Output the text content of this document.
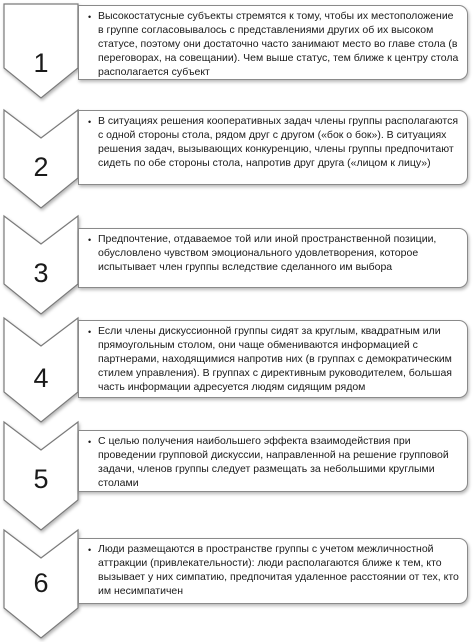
1
2
3
4
5
6
• Высокостатусные субъекты стремятся к тому, чтобы их местоположение в группе согласовывалось с представлениями других об их высоком статусе, поэтому они достаточно часто занимают место во главе стола (в переговорах, на совещании). Чем выше статус, тем ближе к центру стола располагается субъект
• В ситуациях решения кооперативных задач члены группы располагаются с одной стороны стола, рядом друг с другом («бок о бок»). В ситуациях решения задач, вызывающих конкуренцию, члены группы предпочитают сидеть по обе стороны стола, напротив друг друга («лицом к лицу»)
• Предпочтение, отдаваемое той или иной пространственной позиции, обусловлено чувством эмоционального удовлетворения, которое испытывает член группы вследствие сделанного им выбора
• Если члены дискуссионной группы сидят за круглым, квадратным или прямоугольным столом, они чаще обмениваются информацией с партнерами, находящимися напротив них (в группах с демократическим стилем управления). В группах с директивным руководителем, большая часть информации адресуется людям сидящим рядом
• С целью получения наибольшего эффекта взаимодействия при проведении групповой дискуссии, направленной на решение групповой задачи, членов группы следует размещать за небольшими круглыми столами
• Люди размещаются в пространстве группы с учетом межличностной аттракции (привлекательности): люди располагаются ближе к тем, кто вызывает у них симпатию, предпочитая удаленное расстоянии от тех, кто им несимпатичен
